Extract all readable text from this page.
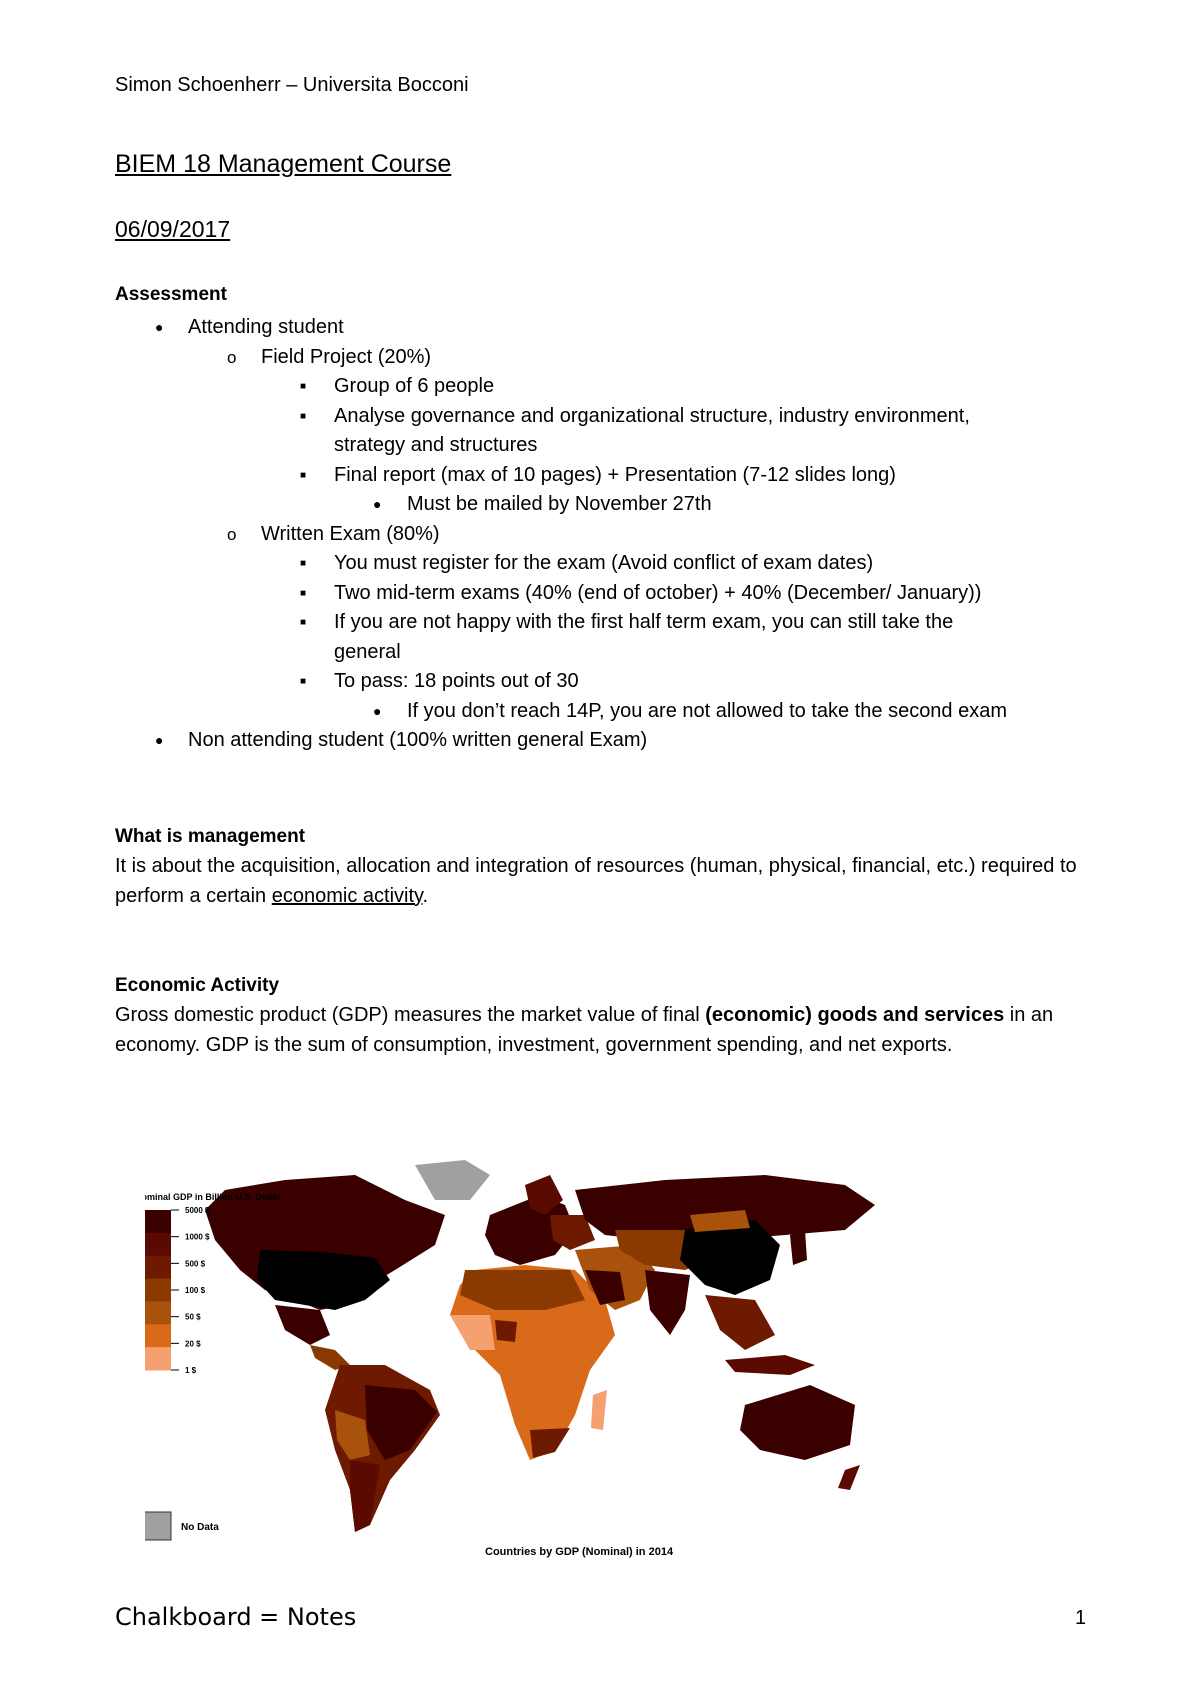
Simon Schoenherr – Universita Bocconi
BIEM 18 Management Course
06/09/2017
Assessment
● Attending student
o Field Project (20%)
■ Group of 6 people
■ Analyse governance and organizational structure, industry environment,
strategy and structures
■ Final report (max of 10 pages) + Presentation (7-12 slides long)
● Must be mailed by November 27th
o Written Exam (80%)
■ You must register for the exam (Avoid conflict of exam dates)
■ Two mid-term exams (40% (end of october) + 40% (December/ January))
■ If you are not happy with the first half term exam, you can still take the
general
■ To pass: 18 points out of 30
● If you don’t reach 14P, you are not allowed to take the second exam
● Non attending student (100% written general Exam)
What is management
It is about the acquisition, allocation and integration of resources (human, physical, financial, etc.) required to perform a certain economic activity.
Economic Activity
Gross domestic product (GDP) measures the market value of final (economic) goods and services in an economy. GDP is the sum of consumption, investment, government spending, and net exports.
Nominal GDP in Billion U.S. Dollar
5000 $
1000 $
500 $
100 $
50 $
20 $
1 $
No Data
Countries by GDP (Nominal) in 2014
Chalkboard = Notes	1
